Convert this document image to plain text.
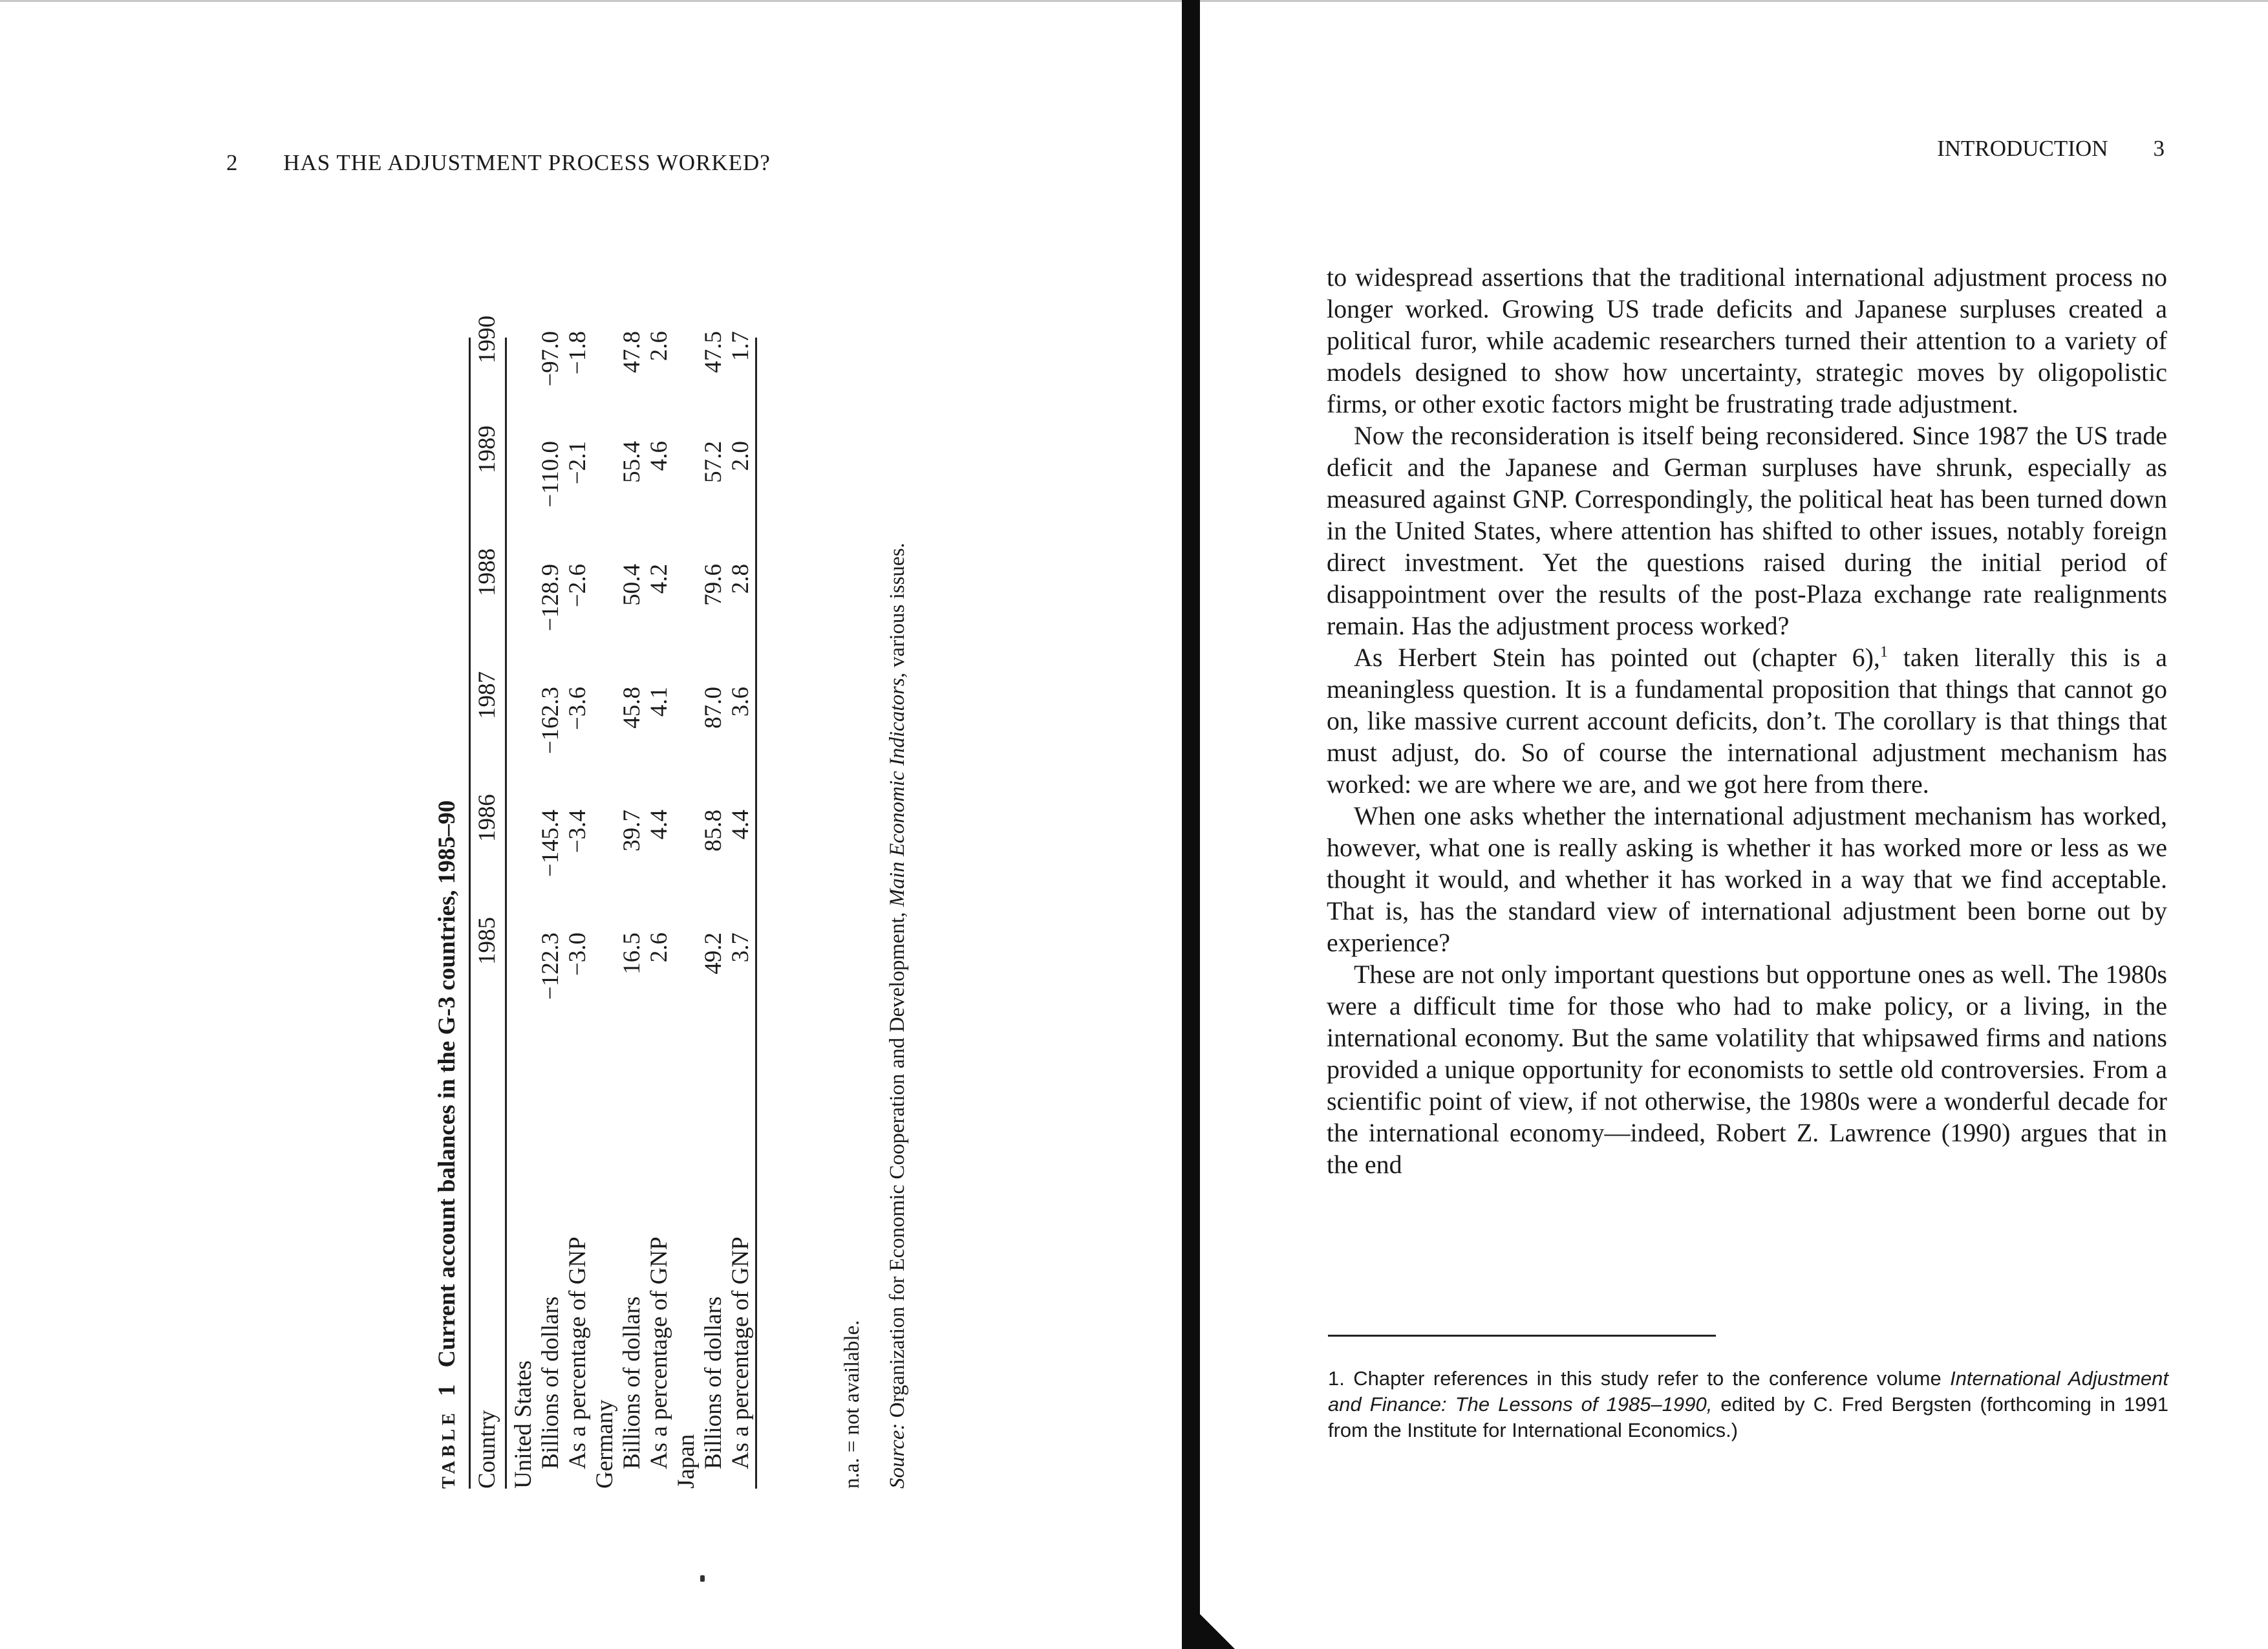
2 HAS THE ADJUSTMENT PROCESS WORKED?
TABLE1Current account balances in the G-3 countries, 1985–90
Country
1985
1986
1987
1988
1989
1990
United States Billions of dollars
−122.3
−145.4
−162.3
−128.9
−110.0
−97.0
As a percentage of GNP
−3.0
−3.4
−3.6
−2.6
−2.1
−1.8
Germany Billions of dollars
16.5
39.7
45.8
50.4
55.4
47.8
As a percentage of GNP
2.6
4.4
4.1
4.2
4.6
2.6
Japan Billions of dollars
49.2
85.8
87.0
79.6
57.2
47.5
As a percentage of GNP
3.7
4.4
3.6
2.8
2.0
1.7
n.a. = not available. Source: Organization for Economic Cooperation and Development, Main Economic Indicators, various issues.
INTRODUCTION 3

to widespread assertions that the traditional international adjustment process no longer worked. Growing US trade deficits and Japanese surpluses created a political furor, while academic researchers turned their attention to a variety of models designed to show how uncertainty, strategic moves by oligopolistic firms, or other exotic factors might be frustrating trade adjustment.

Now the reconsideration is itself being reconsidered. Since 1987 the US trade deficit and the Japanese and German surpluses have shrunk, especially as measured against GNP. Correspondingly, the political heat has been turned down in the United States, where attention has shifted to other issues, notably foreign direct investment. Yet the questions raised during the initial period of disappointment over the results of the post-Plaza exchange rate realignments remain. Has the adjustment process worked?

As Herbert Stein has pointed out (chapter 6),$^1$ taken literally this is a meaningless question. It is a fundamental proposition that things that cannot go on, like massive current account deficits, don’t. The corollary is that things that must adjust, do. So of course the international adjustment mechanism has worked: we are where we are, and we got here from there.

When one asks whether the international adjustment mechanism has worked, however, what one is really asking is whether it has worked more or less as we thought it would, and whether it has worked in a way that we find acceptable. That is, has the standard view of international adjustment been borne out by experience?

These are not only important questions but opportune ones as well. The 1980s were a difficult time for those who had to make policy, or a living, in the international economy. But the same volatility that whipsawed firms and nations provided a unique opportunity for economists to settle old controversies. From a scientific point of view, if not otherwise, the 1980s were a wonderful decade for the international economy—indeed, Robert Z. Lawrence (1990) argues that in the end

1. Chapter references in this study refer to the conference volume International Adjustment and Finance: The Lessons of 1985–1990, edited by C. Fred Bergsten (forthcoming in 1991 from the Institute for International Economics.)
